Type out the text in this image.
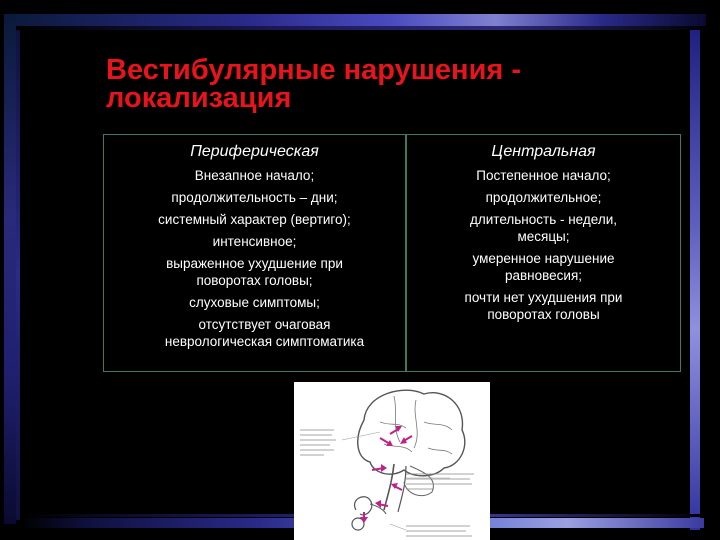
Вестибулярные нарушения -
локализация
Периферическая
Внезапное начало;
продолжительность – дни;
системный характер (вертиго);
интенсивное;
выраженное ухудшение при поворотах головы;
слуховые симптомы;
отсутствует очаговая неврологическая симптоматика
Центральная
Постепенное начало;
продолжительное;
длительность - недели, месяцы;
умеренное нарушение равновесия;
почти нет ухудшения при поворотах головы
